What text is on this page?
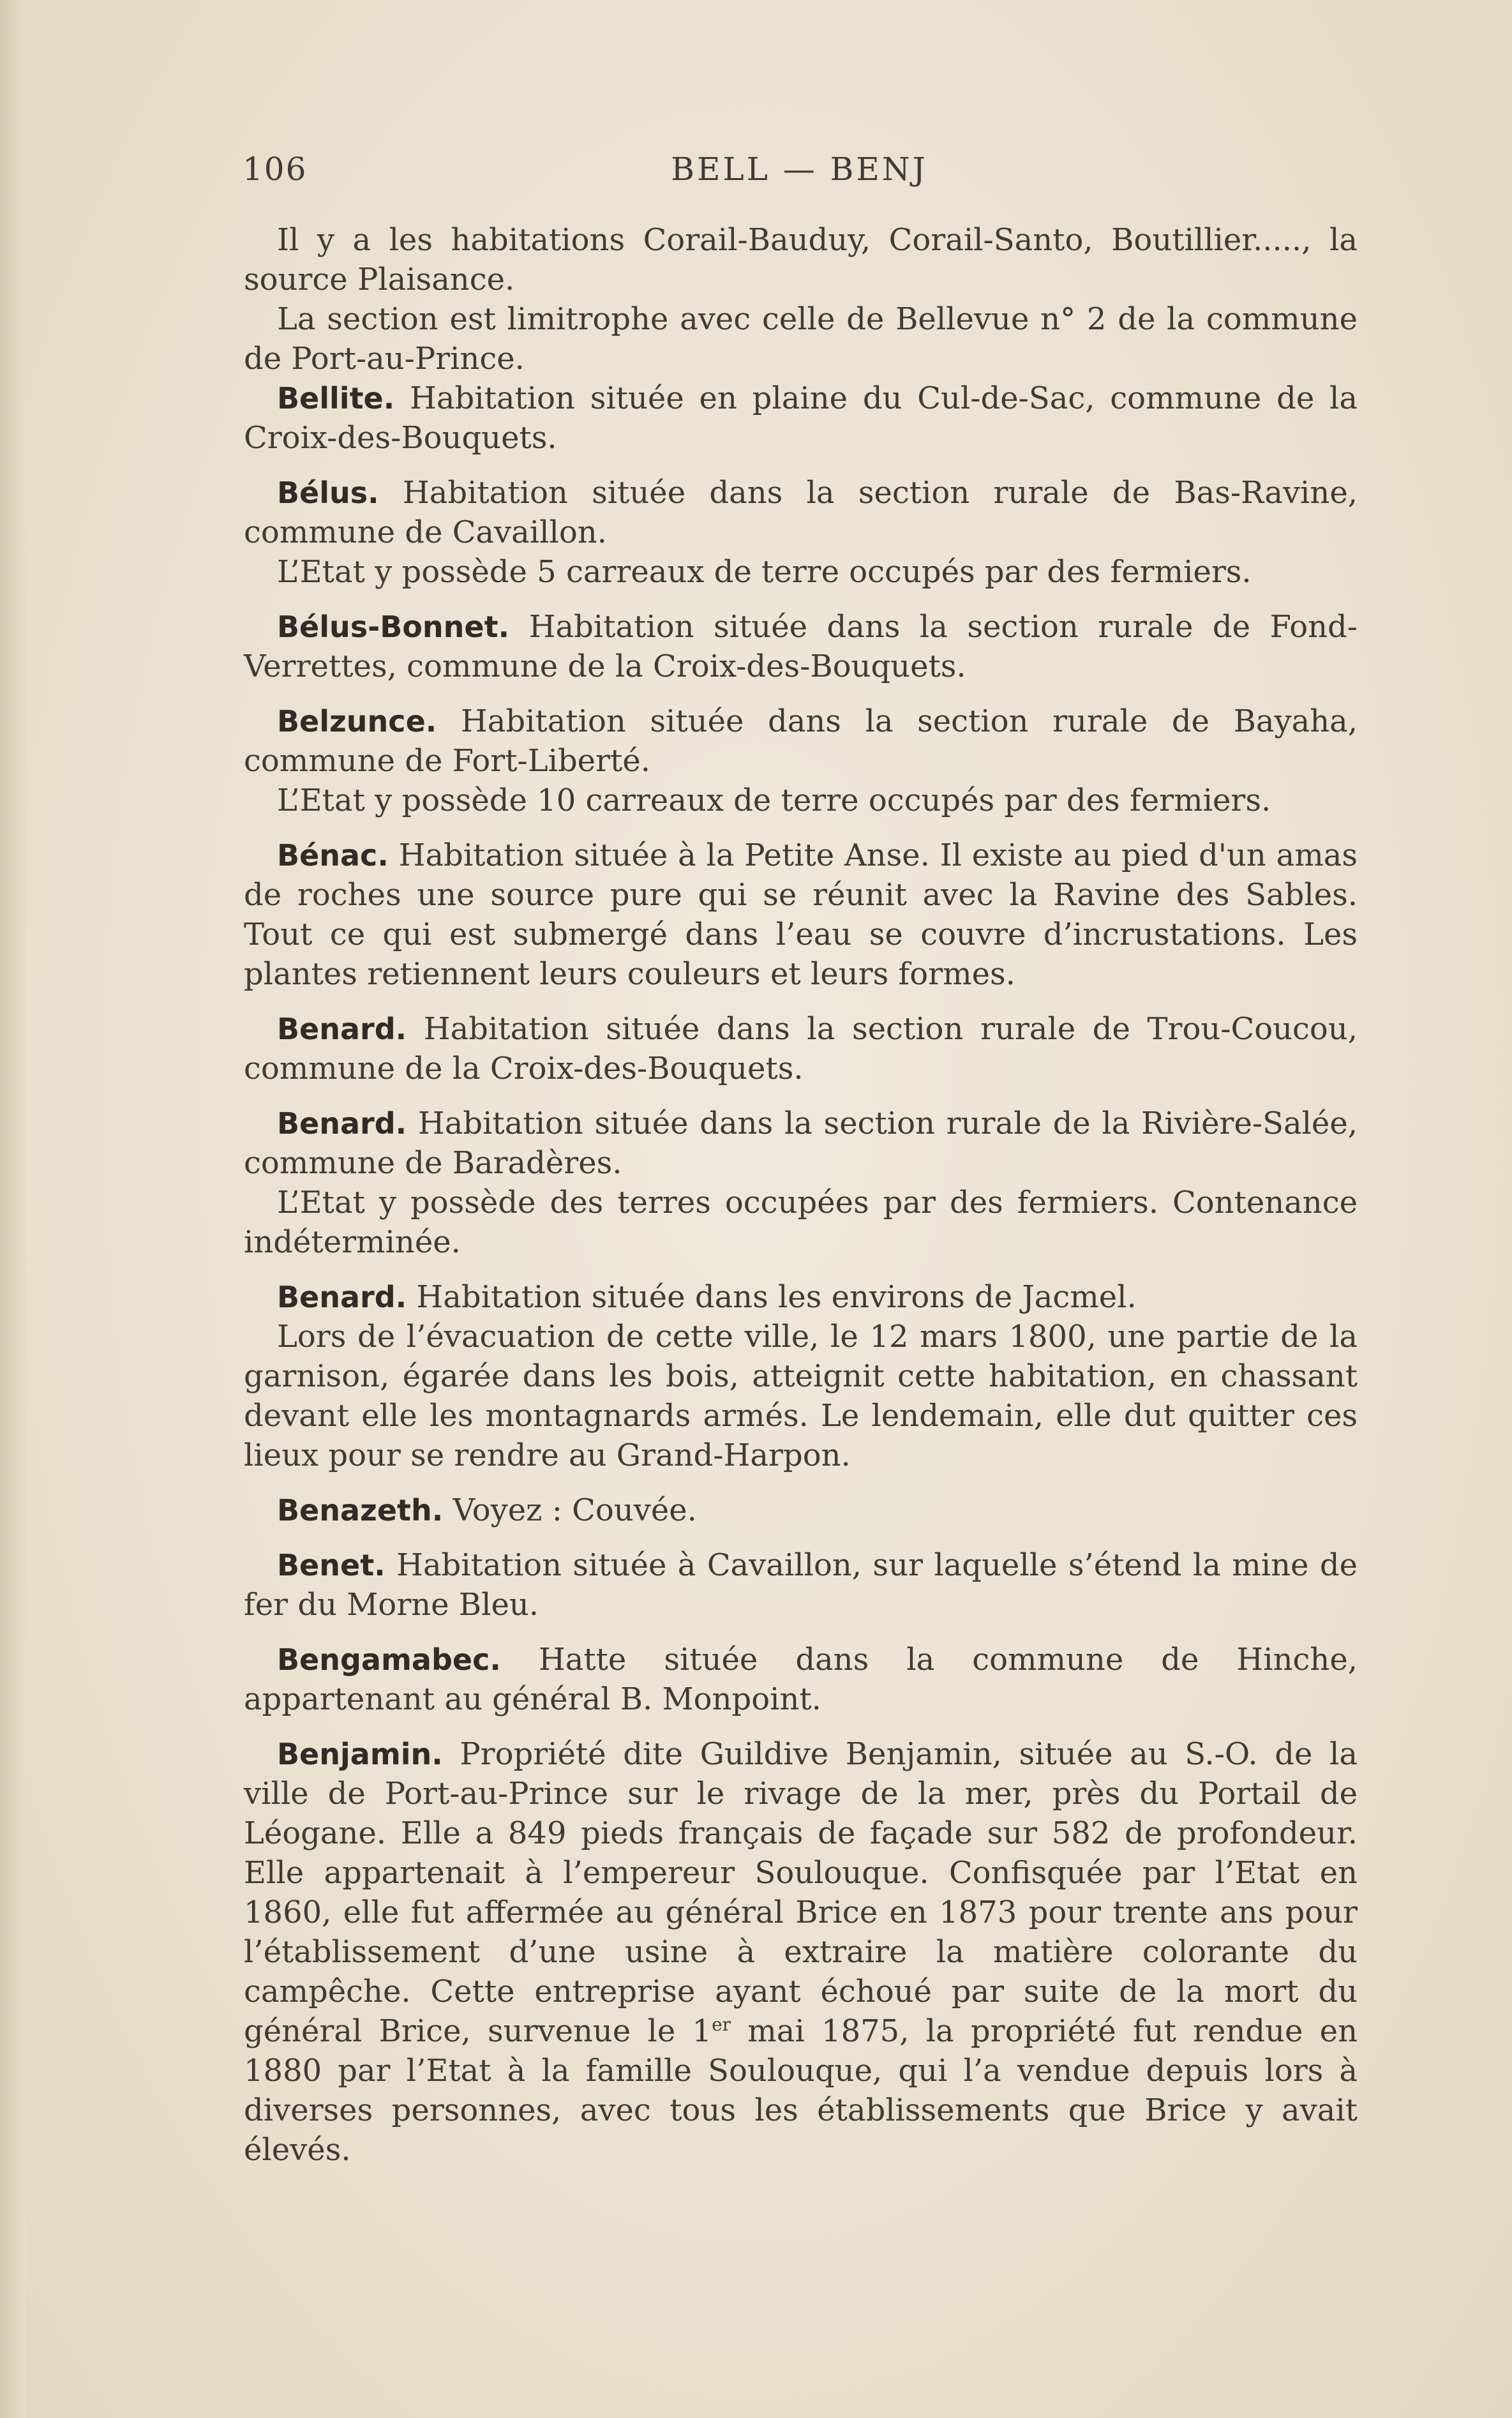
106	BELL — BENJ

Il y a les habitations Corail-Bauduy, Corail-Santo, Boutillier....., la source Plaisance.

La section est limitrophe avec celle de Bellevue n° 2 de la commune de Port-au-Prince.

Bellite. Habitation située en plaine du Cul-de-Sac, commune de la Croix-des-Bouquets.

Bélus. Habitation située dans la section rurale de Bas-Ravine, commune de Cavaillon.

L’Etat y possède 5 carreaux de terre occupés par des fermiers.

Bélus-Bonnet. Habitation située dans la section rurale de Fond-Verrettes, commune de la Croix-des-Bouquets.

Belzunce. Habitation située dans la section rurale de Bayaha, commune de Fort-Liberté.

L’Etat y possède 10 carreaux de terre occupés par des fermiers.

Bénac. Habitation située à la Petite Anse. Il existe au pied d'un amas de roches une source pure qui se réunit avec la Ravine des Sables. Tout ce qui est submergé dans l’eau se couvre d’incrustations. Les plantes retiennent leurs couleurs et leurs formes.

Benard. Habitation située dans la section rurale de Trou-Coucou, commune de la Croix-des-Bouquets.

Benard. Habitation située dans la section rurale de la Rivière-Salée, commune de Baradères.

L’Etat y possède des terres occupées par des fermiers. Contenance indéterminée.

Benard. Habitation située dans les environs de Jacmel.

Lors de l’évacuation de cette ville, le 12 mars 1800, une partie de la garnison, égarée dans les bois, atteignit cette habitation, en chassant devant elle les montagnards armés. Le lendemain, elle dut quitter ces lieux pour se rendre au Grand-Harpon.

Benazeth. Voyez : Couvée.

Benet. Habitation située à Cavaillon, sur laquelle s’étend la mine de fer du Morne Bleu.

Bengamabec. Hatte située dans la commune de Hinche, appartenant au général B. Monpoint.

Benjamin. Propriété dite Guildive Benjamin, située au S.-O. de la ville de Port-au-Prince sur le rivage de la mer, près du Portail de Léogane. Elle a 849 pieds français de façade sur 582 de profondeur. Elle appartenait à l’empereur Soulouque. Confisquée par l’Etat en 1860, elle fut affermée au général Brice en 1873 pour trente ans pour l’établissement d’une usine à extraire la matière colorante du campêche. Cette entreprise ayant échoué par suite de la mort du général Brice, survenue le 1er mai 1875, la propriété fut rendue en 1880 par l’Etat à la famille Soulouque, qui l’a vendue depuis lors à diverses personnes, avec tous les établissements que Brice y avait élevés.
